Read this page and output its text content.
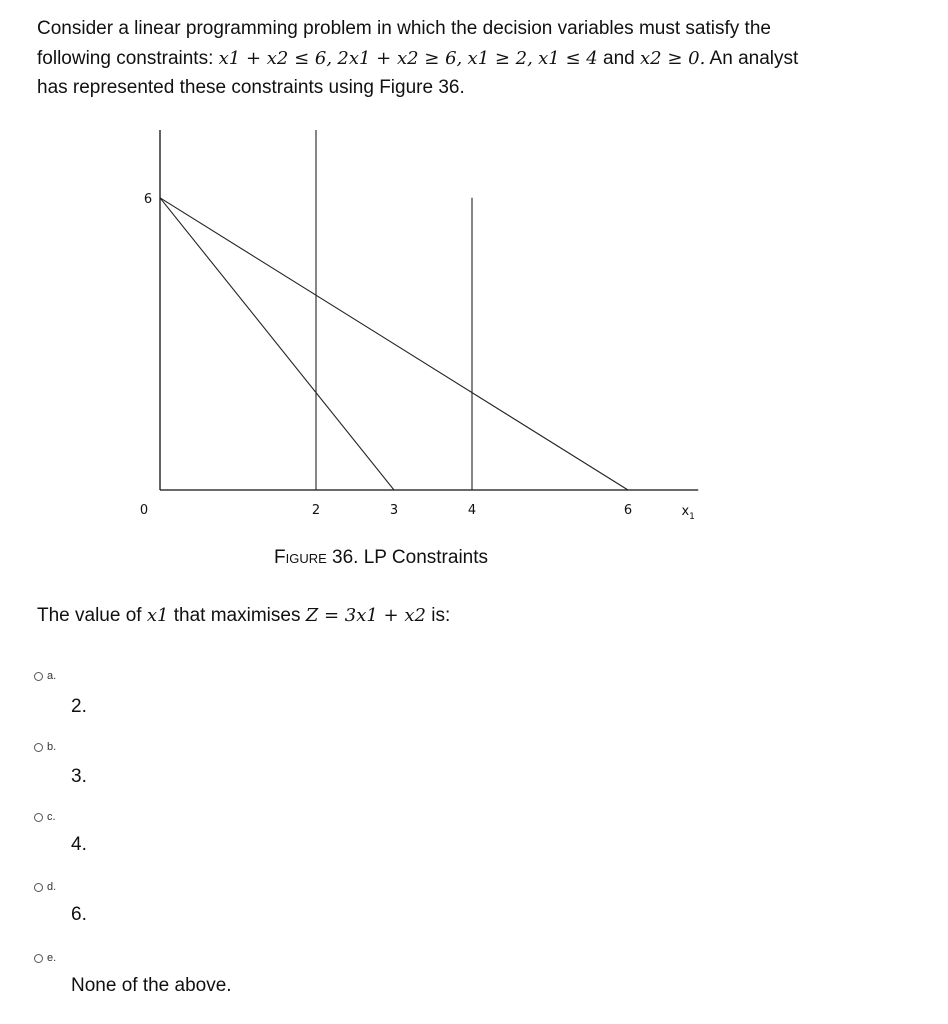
Consider a linear programming problem in which the decision variables must satisfy the following constraints: x1 + x2 ≤ 6, 2x1 + x2 ≥ 6, x1 ≥ 2, x1 ≤ 4 and x2 ≥ 0. An analyst has represented these constraints using Figure 36.
0	2	3	4	6
6
$x_1$
Figure 36. LP Constraints
The value of x1 that maximises Z = 3x1 + x2 is:
a.
2.
b.
3.
c.
4.
d.
6.
e.
None of the above.
